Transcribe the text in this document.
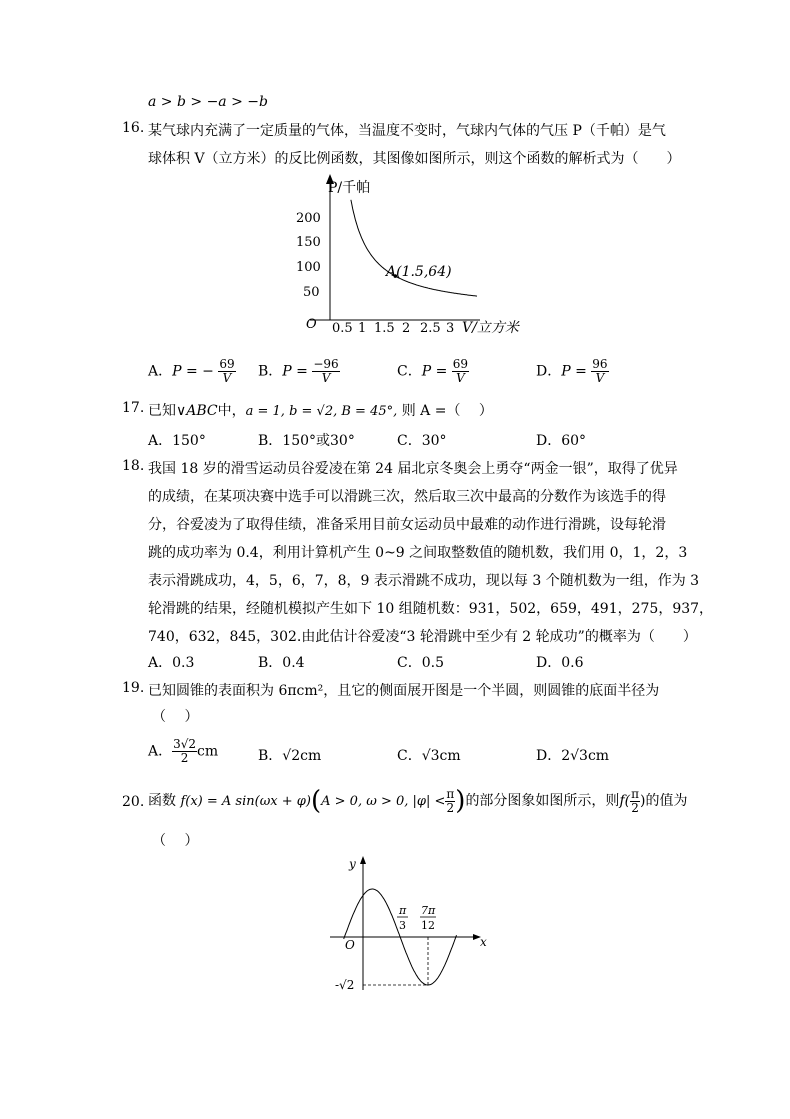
a > b > −a > −b
16. 某气球内充满了一定质量的气体，当温度不变时，气球内气体的气压 P（千帕）是气
球体积 V（立方米）的反比例函数，其图像如图所示，则这个函数的解析式为（　　）
P/千帕
V/立方米
O
200
150
100
50
0.5 1 1.5 2 2.5 3
A(1.5,64)
A．P = − $\frac{69}{V}$ B．$P = \frac{-96}{V}$	C．$P = \frac{69}{V}$	D．$P = \frac{96}{V}$
17. 已知∨ABC中，a = 1, b = √2, B = 45°, 则 A =（　 ）
A．150°	B．150°或30°	C．30°	D．60°
18. 我国 18 岁的滑雪运动员谷爱凌在第 24 届北京冬奥会上勇夺“两金一银”，取得了优异
的成绩，在某项决赛中选手可以滑跳三次，然后取三次中最高的分数作为该选手的得
分，谷爱凌为了取得佳绩，准备采用目前女运动员中最难的动作进行滑跳，设每轮滑
跳的成功率为 0.4，利用计算机产生 0~9 之间取整数值的随机数，我们用 0，1，2，3
表示滑跳成功，4，5，6，7，8，9 表示滑跳不成功，现以每 3 个随机数为一组，作为 3
轮滑跳的结果，经随机模拟产生如下 10 组随机数：931，502，659，491，275，937，
740，632，845，302.由此估计谷爱凌“3 轮滑跳中至少有 2 轮成功”的概率为（　　）
A．0.3	B．0.4	C．0.5	D．0.6
19. 已知圆锥的表面积为 6πcm²，且它的侧面展开图是一个半圆，则圆锥的底面半径为
（　 ）
A． $\frac{3√2}{2}$ cm	B．√2cm	C．√3cm	D．2√3cm
20. 函数 f(x) = A sin(ωx + φ)(A > 0, ω > 0, $|\varphi| < \frac{\pi}{2}$ )的部分图象如图所示，则$f( \frac{\pi}{2}$ )的值为
（　 ）
y
x
O
π
3
7π
12
-√2
